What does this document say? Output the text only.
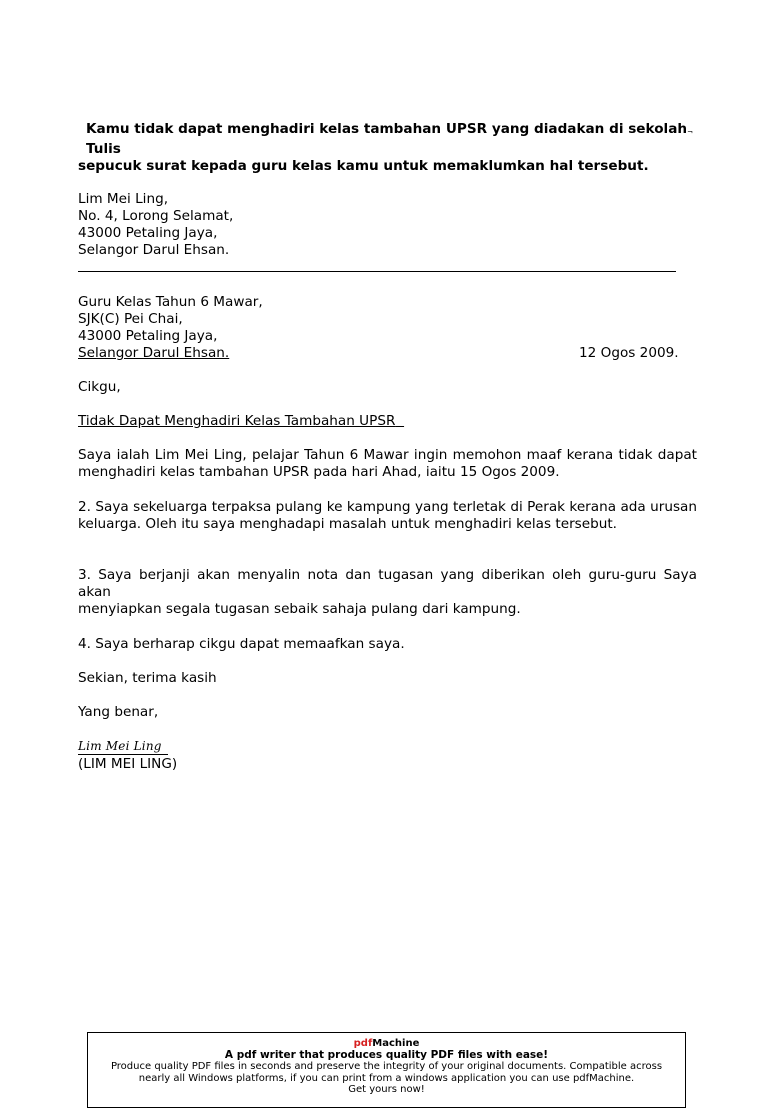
Kamu tidak dapat menghadiri kelas tambahan UPSR yang diadakan di sekolah¬ Tulis
sepucuk surat kepada guru kelas kamu untuk memaklumkan hal tersebut.
Lim Mei Ling,
No. 4, Lorong Selamat,
43000 Petaling Jaya,
Selangor Darul Ehsan.
Guru Kelas Tahun 6 Mawar,
SJK(C) Pei Chai,
43000 Petaling Jaya,
Selangor Darul Ehsan.	12 Ogos 2009.
Cikgu,
Tidak Dapat Menghadiri Kelas Tambahan UPSR
Saya ialah Lim Mei Ling, pelajar Tahun 6 Mawar ingin memohon maaf kerana tidak dapat
menghadiri kelas tambahan UPSR pada hari Ahad, iaitu 15 Ogos 2009.
2. Saya sekeluarga terpaksa pulang ke kampung yang terletak di Perak kerana ada urusan
keluarga. Oleh itu saya menghadapi masalah untuk menghadiri kelas tersebut.
3. Saya berjanji akan menyalin nota dan tugasan yang diberikan oleh guru-guru Saya akan
menyiapkan segala tugasan sebaik sahaja pulang dari kampung.
4. Saya berharap cikgu dapat memaafkan saya.
Sekian, terima kasih
Yang benar,
Lim Mei Ling
(LIM MEI LING)
pdfMachine
A pdf writer that produces quality PDF files with ease!
Produce quality PDF files in seconds and preserve the integrity of your original documents. Compatible across
nearly all Windows platforms, if you can print from a windows application you can use pdfMachine.
Get yours now!
